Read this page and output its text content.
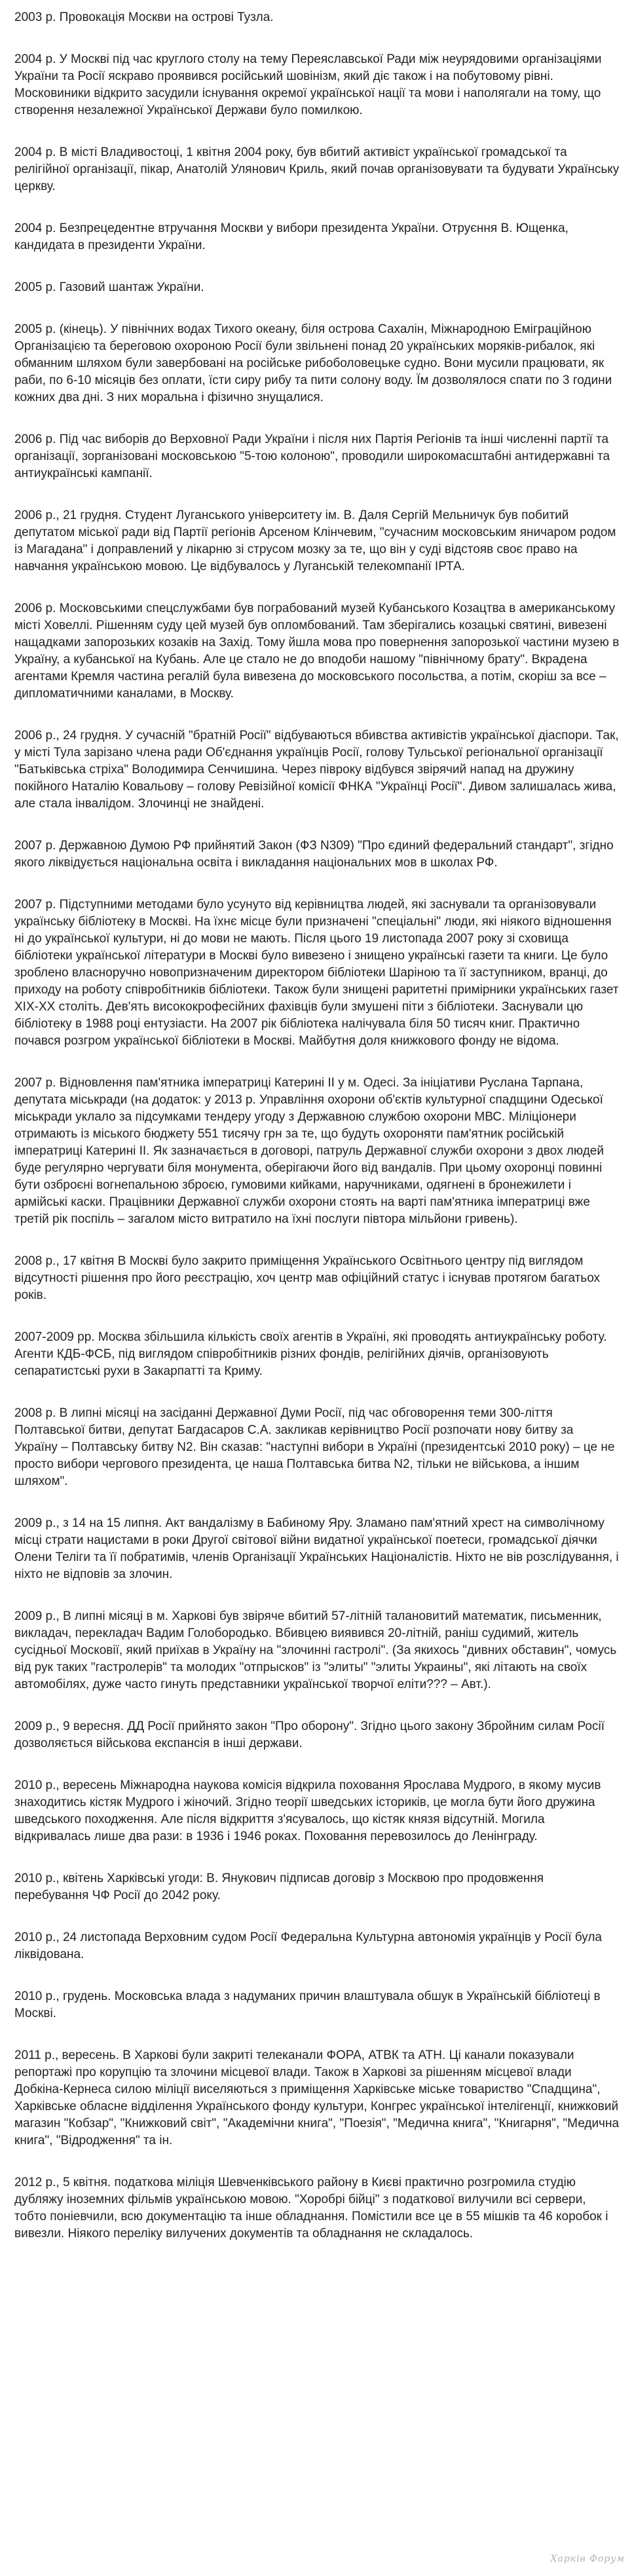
2003 р. Провокація Москви на острові Тузла.
2004 р. У Москві під час круглого столу на тему Переяславської Ради між неурядовими організаціями України та Росії яскраво проявився російський шовінізм, який діє також і на побутовому рівні. Московиники відкрито засудили існування окремої української нації та мови і наполягали на тому, що створення незалежної Української Держави було помилкою.
2004 р. В місті Владивостоці, 1 квітня 2004 року, був вбитий активіст української громадської та релігійної організації, пікар, Анатолій Улянович Криль, який почав організовувати та будувати Українську церкву.
2004 р. Безпрецедентне втручання Москви у вибори президента України. Отруєння В. Ющенка, кандидата в президенти України.
2005 р. Газовий шантаж України.
2005 р. (кінець). У північних водах Тихого океану, біля острова Сахалін, Міжнародною Еміграційною Організацією та береговою охороною Росії були звільнені понад 20 українських моряків-рибалок, які обманним шляхом були завербовані на російське рибоболовецьке судно. Вони мусили працювати, як раби, по 6-10 місяців без оплати, їсти сиру рибу та пити солону воду. Їм дозволялося спати по 3 години кожних два дні. З них моральна і фізично знущалися.
2006 р. Під час виборів до Верховної Ради України і після них Партія Регіонів та інші численні партії та організації, зорганізовані московською "5-тою колоною", проводили широкомасштабні антидержавні та антиукраїнські кампанії.
2006 р., 21 грудня. Студент Луганського університету ім. В. Даля Сергій Мельничук був побитий депутатом міської ради від Партії регіонів Арсеном Клінчевим, "сучасним московським яничаром родом із Магадана" і доправлений у лікарню зі струсом мозку за те, що він у суді відстояв своє право на навчання українською мовою. Це відбувалось у Луганській телекомпанії ІРТА.
2006 р. Московськими спецслужбами був пограбований музей Кубанського Козацтва в американському місті Ховеллі. Рішенням суду цей музей був опломбований. Там зберігались козацькі святині, вивезені нащадками запорозьких козаків на Захід. Тому йшла мова про повернення запорозької частини музею в Україну, а кубанської на Кубань. Але це стало не до вподоби нашому "північному брату". Вкрадена агентами Кремля частина регалій була вивезена до московського посольства, а потім, скоріш за все – дипломатичними каналами, в Москву.
2006 р., 24 грудня. У сучасній "братній Росії" відбуваються вбивства активістів української діаспори. Так, у місті Тула зарізано члена ради Об'єднання українців Росії, голову Тульської регіональної організації "Батьківська стріха" Володимира Сенчишина. Через півроку відбувся звірячий напад на дружину покійного Наталію Ковальову – голову Ревізійної комісії ФНКА "Українці Росії". Дивом залишалась жива, але стала інвалідом. Злочинці не знайдені.
2007 р. Державною Думою РФ прийнятий Закон (ФЗ N309) "Про єдиний федеральний стандарт", згідно якого ліквідується національна освіта і викладання національних мов в школах РФ.
2007 р. Підступними методами було усунуто від керівництва людей, які заснували та організовували українську бібліотеку в Москві. На їхнє місце були призначені "спеціальні" люди, які ніякого відношення ні до української культури, ні до мови не мають. Після цього 19 листопада 2007 року зі сховища бібліотеки української літератури в Москві було вивезено і знищено українські газети та книги. Це було зроблено власноручно новопризначеним директором бібліотеки Шаріною та її заступником, вранці, до приходу на роботу співробітників бібліотеки. Також були знищені раритетні примірники українських газет XIX-XX століть. Дев'ять висококрофесійних фахівців були змушені піти з бібліотеки. Заснували цю бібліотеку в 1988 році ентузіасти. На 2007 рік бібліотека налічувала біля 50 тисяч книг. Практично почався розгром української бібліотеки в Москві. Майбутня доля книжкового фонду не відома.
2007 р. Відновлення пам'ятника імператриці Катерині ІІ у м. Одесі. За ініціативи Руслана Тарпана, депутата міськради (на додаток: у 2013 р. Управління охорони об'єктів культурної спадщини Одеської міськради уклало за підсумками тендеру угоду з Державною службою охорони МВС. Міліціонери отримають із міського бюджету 551 тисячу грн за те, що будуть охороняти пам'ятник російській імператриці Катерині ІІ. Як зазначається в договорі, патруль Державної служби охорони з двох людей буде регулярно чергувати біля монумента, оберігаючи його від вандалів. При цьому охоронці повинні бути озброєні вогнепальною зброєю, гумовими кийками, наручниками, одягнені в бронежилети і армійські каски. Працівники Державної служби охорони стоять на варті пам'ятника імператриці вже третій рік поспіль – загалом місто витратило на їхні послуги півтора мільйони гривень).
2008 р., 17 квітня В Москві було закрито приміщення Українського Освітнього центру під виглядом відсутності рішення про його реєстрацію, хоч центр мав офіційний статус і існував протягом багатьох років.
2007-2009 рр. Москва збільшила кількість своїх агентів в Україні, які проводять антиукраїнську роботу. Агенти КДБ-ФСБ, під виглядом співробітників різних фондів, релігійних діячів, організовують сепаратистські рухи в Закарпатті та Криму.
2008 р. В липні місяці на засіданні Державної Думи Росії, під час обговорення теми 300-ліття Полтавської битви, депутат Багдасаров С.А. закликав керівництво Росії розпочати нову битву за Україну – Полтавську битву N2. Він сказав: "наступні вибори в Україні (президентські 2010 року) – це не просто вибори чергового президента, це наша Полтавська битва N2, тільки не військова, а іншим шляхом".
2009 р., з 14 на 15 липня. Акт вандалізму в Бабиному Яру. Зламано пам'ятний хрест на символічному місці страти нацистами в роки Другої світової війни видатної української поетеси, громадської діячки Олени Теліги та її побратимів, членів Організації Українських Націоналістів. Ніхто не вів розслідування, і ніхто не відповів за злочин.
2009 р., В липні місяці в м. Харкові був звіряче вбитий 57-літній талановитий математик, письменник, викладач, перекладач Вадим Голобородько. Вбивцею виявився 20-літній, раніш судимий, житель сусідньої Московії, який приїхав в Україну на "злочинні гастролі". (За якихось "дивних обставин", чомусь від рук таких "гастролерів" та молодих "отпрысков" із "элиты" "элиты Украины", які літають на своїх автомобілях, дуже часто гинуть представники української творчої еліти??? – Авт.).
2009 р., 9 вересня. ДД Росії прийнято закон "Про оборону". Згідно цього закону Збройним силам Росії дозволяється військова експансія в інші держави.
2010 р., вересень Міжнародна наукова комісія відкрила поховання Ярослава Мудрого, в якому мусив знаходитись кістяк Мудрого і жіночий. Згідно теорії шведських істориків, це могла бути його дружина шведського походження. Але після відкриття з'ясувалось, що кістяк князя відсутній. Могила відкривалась лише два рази: в 1936 і 1946 роках. Поховання перевозилось до Ленінграду.
2010 р., квітень Харківські угоди: В. Янукович підписав договір з Москвою про продовження перебування ЧФ Росії до 2042 року.
2010 р., 24 листопада Верховним судом Росії Федеральна Культурна автономія українців у Росії була ліквідована.
2010 р., грудень. Московська влада з надуманих причин влаштувала обшук в Українській бібліотеці в Москві.
2011 р., вересень. В Харкові були закриті телеканали ФОРА, АТВК та АТН. Ці канали показували репортажі про корупцію та злочини місцевої влади. Також в Харкові за рішенням місцевої влади Добкіна-Кернеса силою міліції виселяються з приміщення Харківське міське товариство "Спадщина", Харківське обласне відділення Українського фонду культури, Конгрес української інтелігенції, книжковий магазин "Кобзар", "Книжковий світ", "Академічни книга", "Поезія", "Медична книга", "Книгарня", "Медична книга", "Відродження" та ін.
2012 р., 5 квітня. податкова міліція Шевченківського району в Києві практично розгромила студію дубляжу іноземних фільмів українською мовою. "Хоробрі бійці" з податкової вилучили всі сервери, тобто поніевчили, всю документацію та інше обладнання. Помістили все це в 55 мішків та 46 коробок і вивезли. Ніякого переліку вилучених документів та обладнання не складалось.
Харків Форум
